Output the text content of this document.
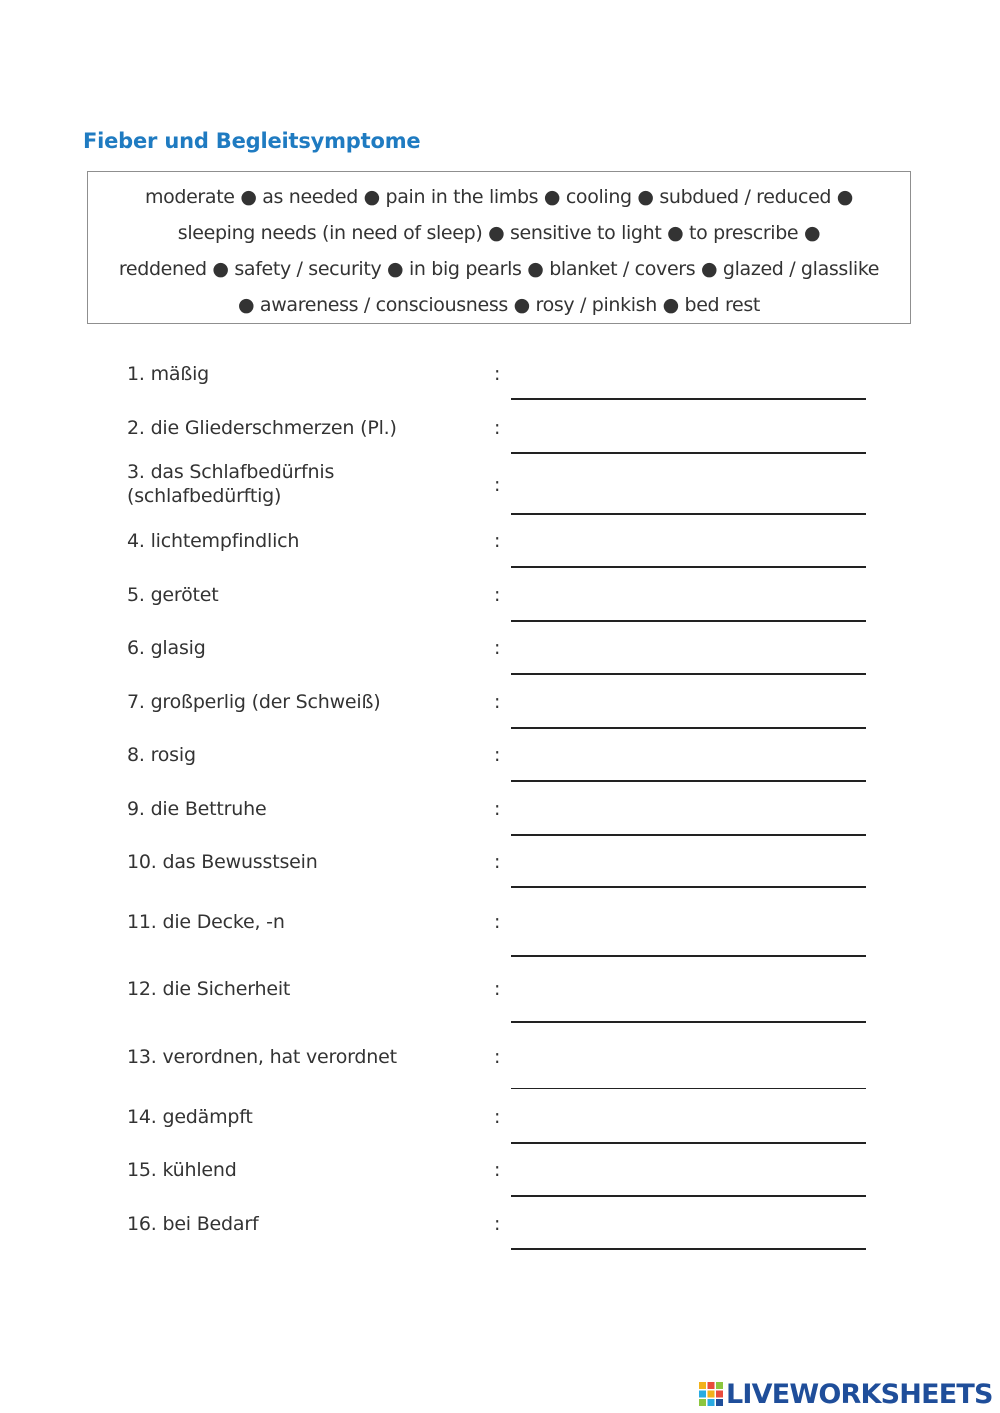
Fieber und Begleitsymptome
moderate ● as needed ● pain in the limbs ● cooling ● subdued / reduced ●
sleeping needs (in need of sleep) ● sensitive to light ● to prescribe ●
reddened ● safety / security ● in big pearls ● blanket / covers ● glazed / glasslike
● awareness / consciousness ● rosy / pinkish ● bed rest
1. mäßig	:
2. die Gliederschmerzen (Pl.)	:
3. das Schlafbedürfnis
(schlafbedürftig)	:
4. lichtempfindlich	:
5. gerötet	:
6. glasig	:
7. großperlig (der Schweiß)	:
8. rosig	:
9. die Bettruhe	:
10. das Bewusstsein	:
11. die Decke, -n	:
12. die Sicherheit	:
13. verordnen, hat verordnet	:
14. gedämpft	:
15. kühlend	:
16. bei Bedarf	:
LIVEWORKSHEETS
